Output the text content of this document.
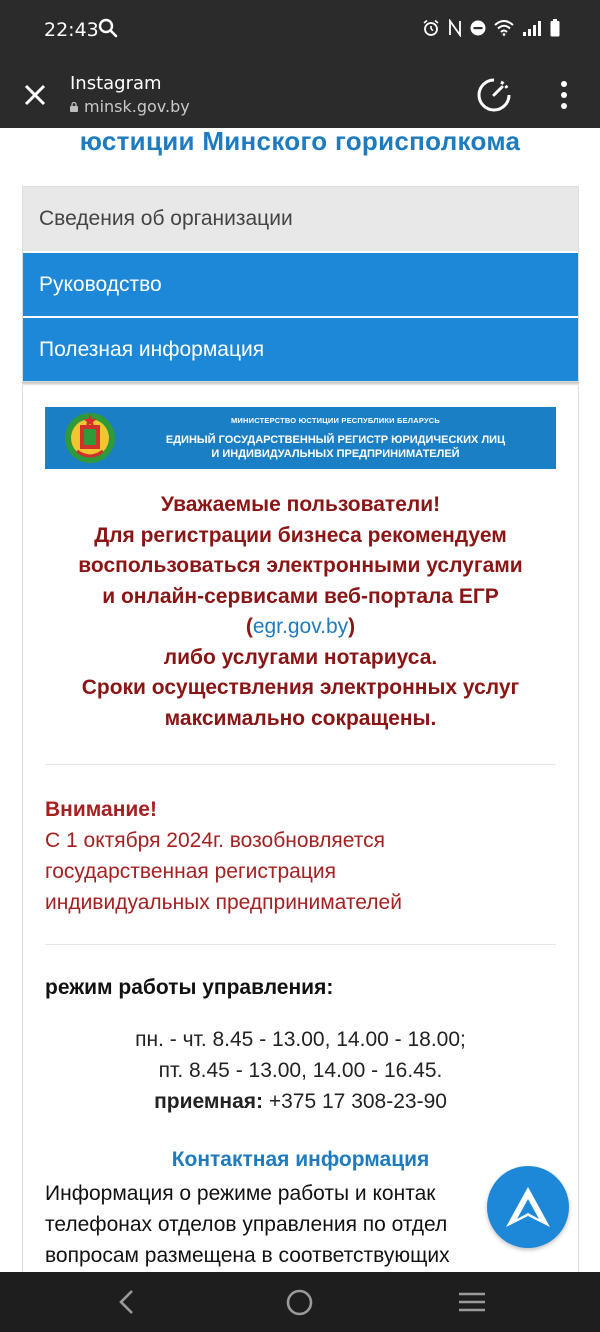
22:43
Instagram
minsk.gov.by
юстиции Минского горисполкома
Сведения об организации
Руководство
Полезная информация
МИНИСТЕРСТВО ЮСТИЦИИ РЕСПУБЛИКИ БЕЛАРУСЬ
ЕДИНЫЙ ГОСУДАРСТВЕННЫЙ РЕГИСТР ЮРИДИЧЕСКИХ ЛИЦ
И ИНДИВИДУАЛЬНЫХ ПРЕДПРИНИМАТЕЛЕЙ
Уважаемые пользователи!
Для регистрации бизнеса рекомендуем
воспользоваться электронными услугами
и онлайн-сервисами веб-портала ЕГР
(egr.gov.by)
либо услугами нотариуса.
Сроки осуществления электронных услуг
максимально сокращены.
Внимание!
С 1 октября 2024г. возобновляется
государственная регистрация
индивидуальных предпринимателей
режим работы управления:
пн. - чт. 8.45 - 13.00, 14.00 - 18.00;
пт. 8.45 - 13.00, 14.00 - 16.45.
приемная: +375 17 308-23-90
Контактная информация
Информация о режиме работы и контак
телефонах отделов управления по отдел
вопросам размещена в соответствующих
